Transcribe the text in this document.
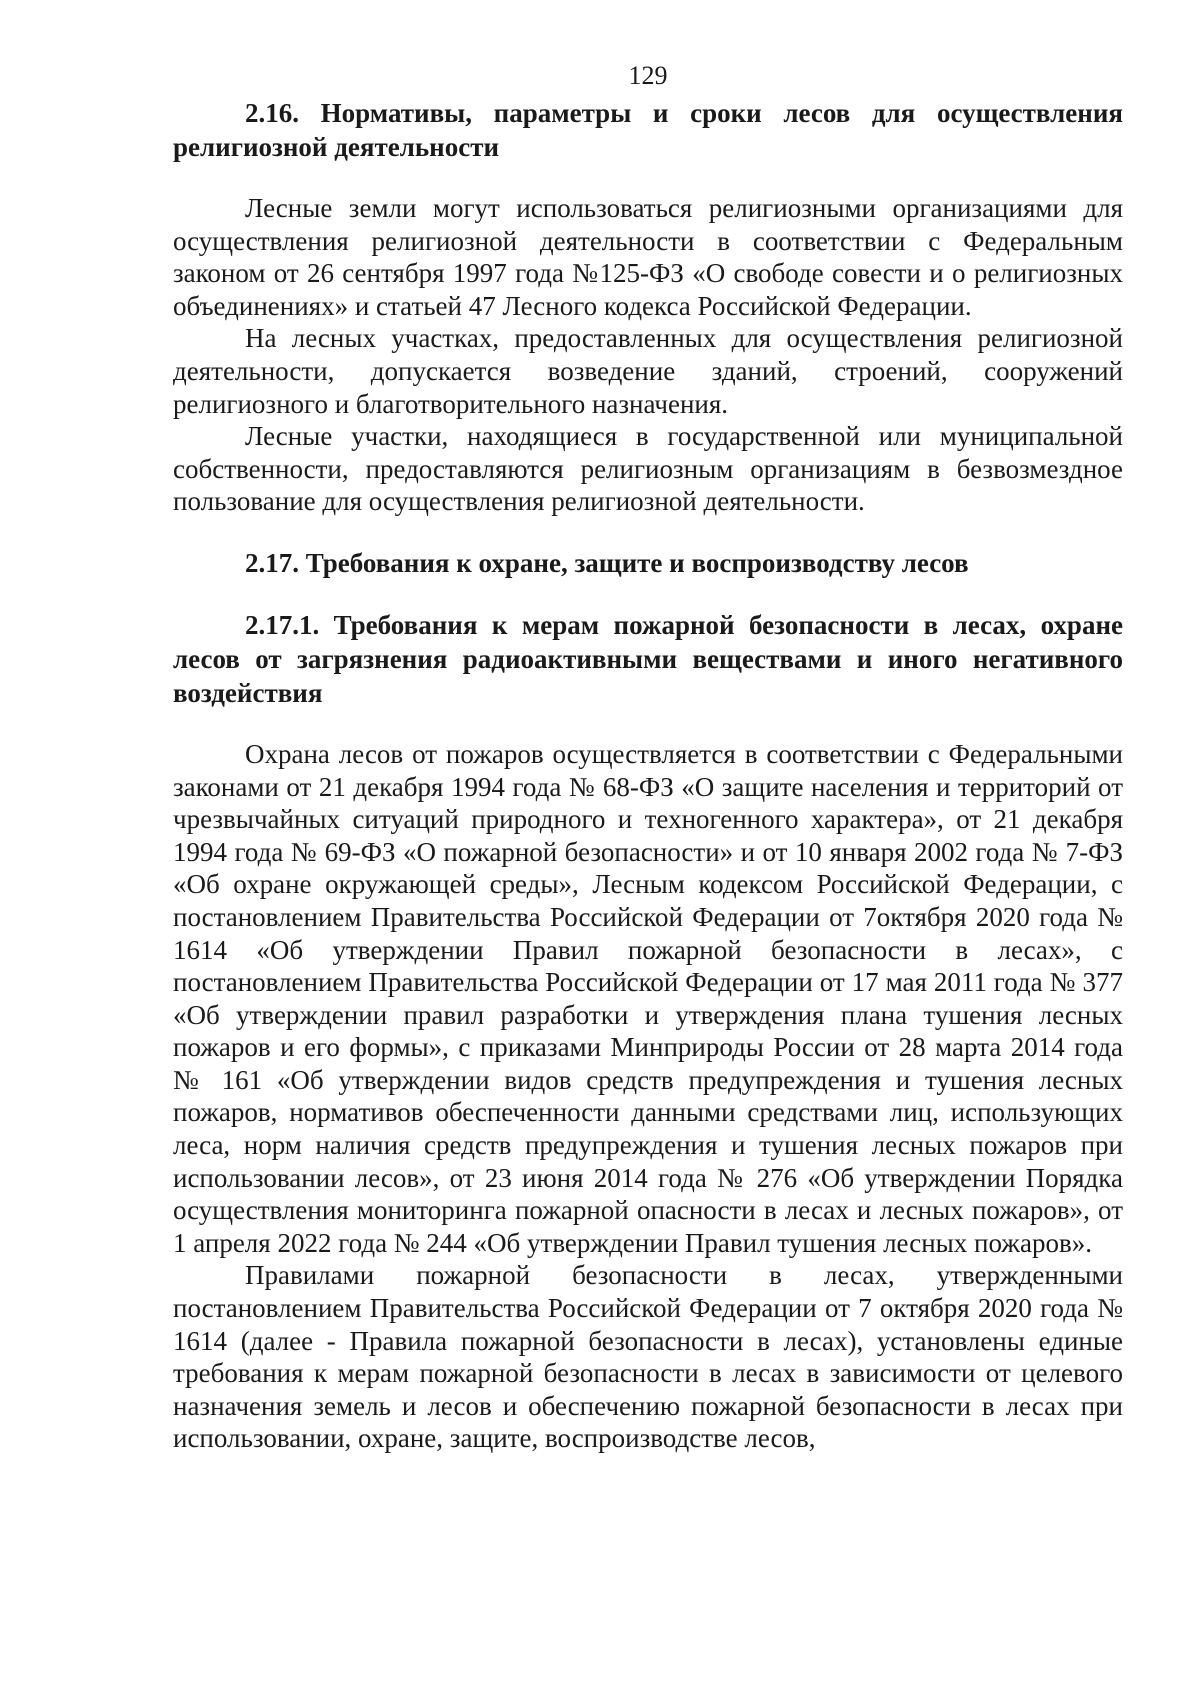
129
2.16. Нормативы, параметры и сроки лесов для осуществления религиозной деятельности

Лесные земли могут использоваться религиозными организациями для осуществления религиозной деятельности в соответствии с Федеральным законом от 26 сентября 1997 года №125-ФЗ «О свободе совести и о религиозных объединениях» и статьей 47 Лесного кодекса Российской Федерации.

На лесных участках, предоставленных для осуществления религиозной деятельности, допускается возведение зданий, строений, сооружений религиозного и благотворительного назначения.

Лесные участки, находящиеся в государственной или муниципальной собственности, предоставляются религиозным организациям в безвозмездное пользование для осуществления религиозной деятельности.

2.17. Требования к охране, защите и воспроизводству лесов
2.17.1. Требования к мерам пожарной безопасности в лесах, охране лесов от загрязнения радиоактивными веществами и иного негативного воздействия

Охрана лесов от пожаров осуществляется в соответствии с Федеральными законами от 21 декабря 1994 года № 68-ФЗ «О защите населения и территорий от чрезвычайных ситуаций природного и техногенного характера», от 21 декабря 1994 года № 69-ФЗ «О пожарной безопасности» и от 10 января 2002 года № 7-ФЗ «Об охране окружающей среды», Лесным кодексом Российской Федерации, с постановлением Правительства Российской Федерации от 7октября 2020 года № 1614 «Об утверждении Правил пожарной безопасности в лесах», с постановлением Правительства Российской Федерации от 17 мая 2011 года № 377 «Об утверждении правил разработки и утверждения плана тушения лесных пожаров и его формы», с приказами Минприроды России от 28 марта 2014 года № 161 «Об утверждении видов средств предупреждения и тушения лесных пожаров, нормативов обеспеченности данными средствами лиц, использующих леса, норм наличия средств предупреждения и тушения лесных пожаров при использовании лесов», от 23 июня 2014 года № 276 «Об утверждении Порядка осуществления мониторинга пожарной опасности в лесах и лесных пожаров», от 1 апреля 2022 года № 244 «Об утверждении Правил тушения лесных пожаров».

Правилами пожарной безопасности в лесах, утвержденными постановлением Правительства Российской Федерации от 7 октября 2020 года № 1614 (далее - Правила пожарной безопасности в лесах), установлены единые требования к мерам пожарной безопасности в лесах в зависимости от целевого назначения земель и лесов и обеспечению пожарной безопасности в лесах при использовании, охране, защите, воспроизводстве лесов,
